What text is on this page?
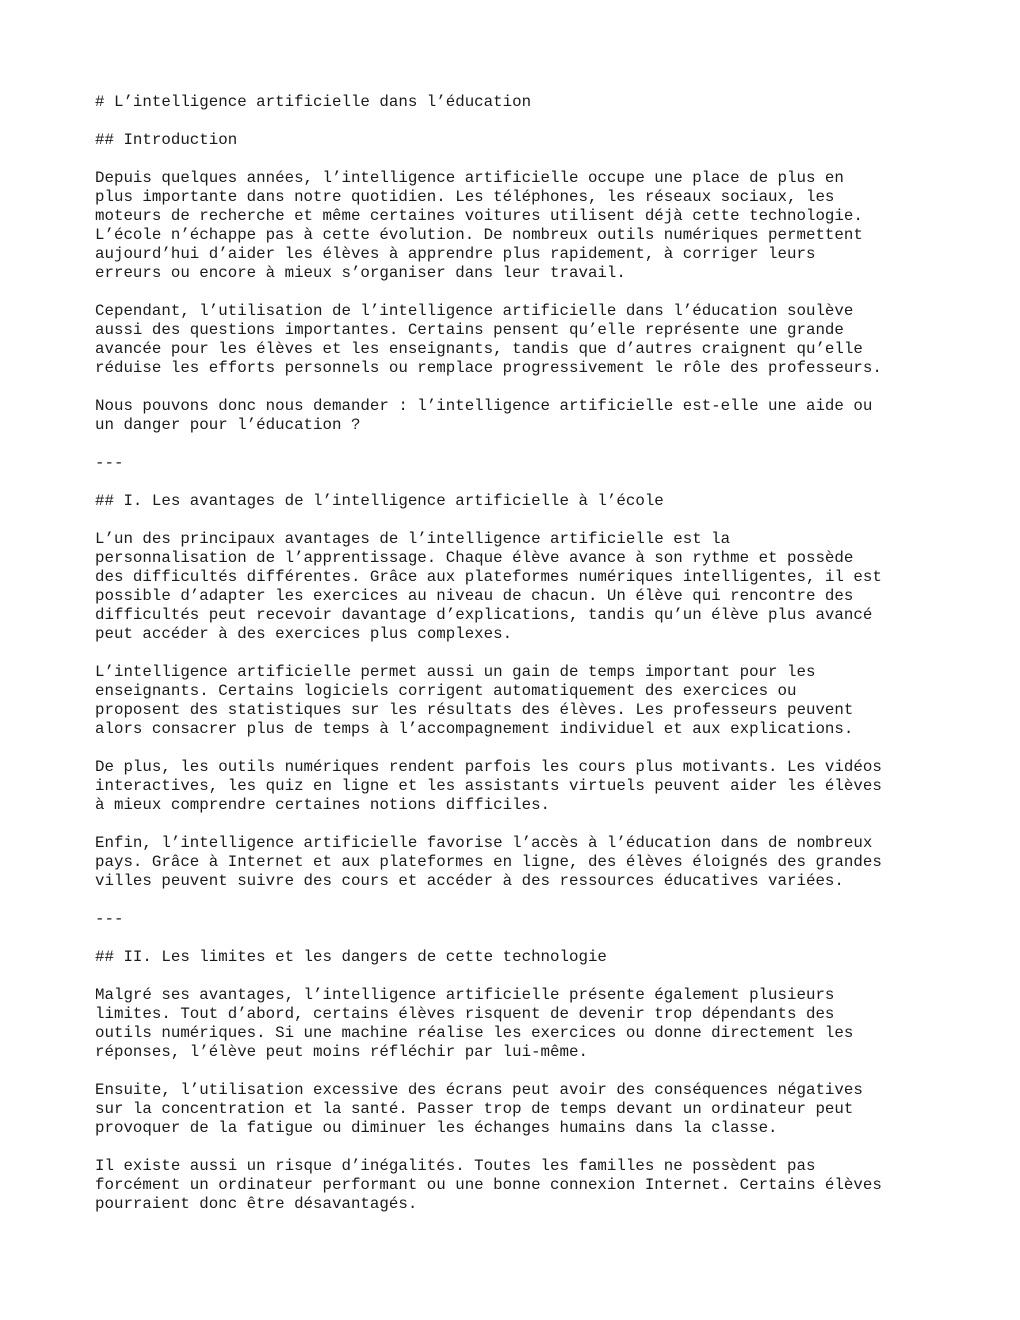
# L’intelligence artificielle dans l’éducation
## Introduction
Depuis quelques années, l’intelligence artificielle occupe une place de plus en
plus importante dans notre quotidien. Les téléphones, les réseaux sociaux, les
moteurs de recherche et même certaines voitures utilisent déjà cette technologie.
L’école n’échappe pas à cette évolution. De nombreux outils numériques permettent
aujourd’hui d’aider les élèves à apprendre plus rapidement, à corriger leurs
erreurs ou encore à mieux s’organiser dans leur travail.
Cependant, l’utilisation de l’intelligence artificielle dans l’éducation soulève
aussi des questions importantes. Certains pensent qu’elle représente une grande
avancée pour les élèves et les enseignants, tandis que d’autres craignent qu’elle
réduise les efforts personnels ou remplace progressivement le rôle des professeurs.
Nous pouvons donc nous demander : l’intelligence artificielle est-elle une aide ou
un danger pour l’éducation ?
---
## I. Les avantages de l’intelligence artificielle à l’école
L’un des principaux avantages de l’intelligence artificielle est la
personnalisation de l’apprentissage. Chaque élève avance à son rythme et possède
des difficultés différentes. Grâce aux plateformes numériques intelligentes, il est
possible d’adapter les exercices au niveau de chacun. Un élève qui rencontre des
difficultés peut recevoir davantage d’explications, tandis qu’un élève plus avancé
peut accéder à des exercices plus complexes.
L’intelligence artificielle permet aussi un gain de temps important pour les
enseignants. Certains logiciels corrigent automatiquement des exercices ou
proposent des statistiques sur les résultats des élèves. Les professeurs peuvent
alors consacrer plus de temps à l’accompagnement individuel et aux explications.
De plus, les outils numériques rendent parfois les cours plus motivants. Les vidéos
interactives, les quiz en ligne et les assistants virtuels peuvent aider les élèves
à mieux comprendre certaines notions difficiles.
Enfin, l’intelligence artificielle favorise l’accès à l’éducation dans de nombreux
pays. Grâce à Internet et aux plateformes en ligne, des élèves éloignés des grandes
villes peuvent suivre des cours et accéder à des ressources éducatives variées.
---
## II. Les limites et les dangers de cette technologie
Malgré ses avantages, l’intelligence artificielle présente également plusieurs
limites. Tout d’abord, certains élèves risquent de devenir trop dépendants des
outils numériques. Si une machine réalise les exercices ou donne directement les
réponses, l’élève peut moins réfléchir par lui-même.
Ensuite, l’utilisation excessive des écrans peut avoir des conséquences négatives
sur la concentration et la santé. Passer trop de temps devant un ordinateur peut
provoquer de la fatigue ou diminuer les échanges humains dans la classe.
Il existe aussi un risque d’inégalités. Toutes les familles ne possèdent pas
forcément un ordinateur performant ou une bonne connexion Internet. Certains élèves
pourraient donc être désavantagés.
